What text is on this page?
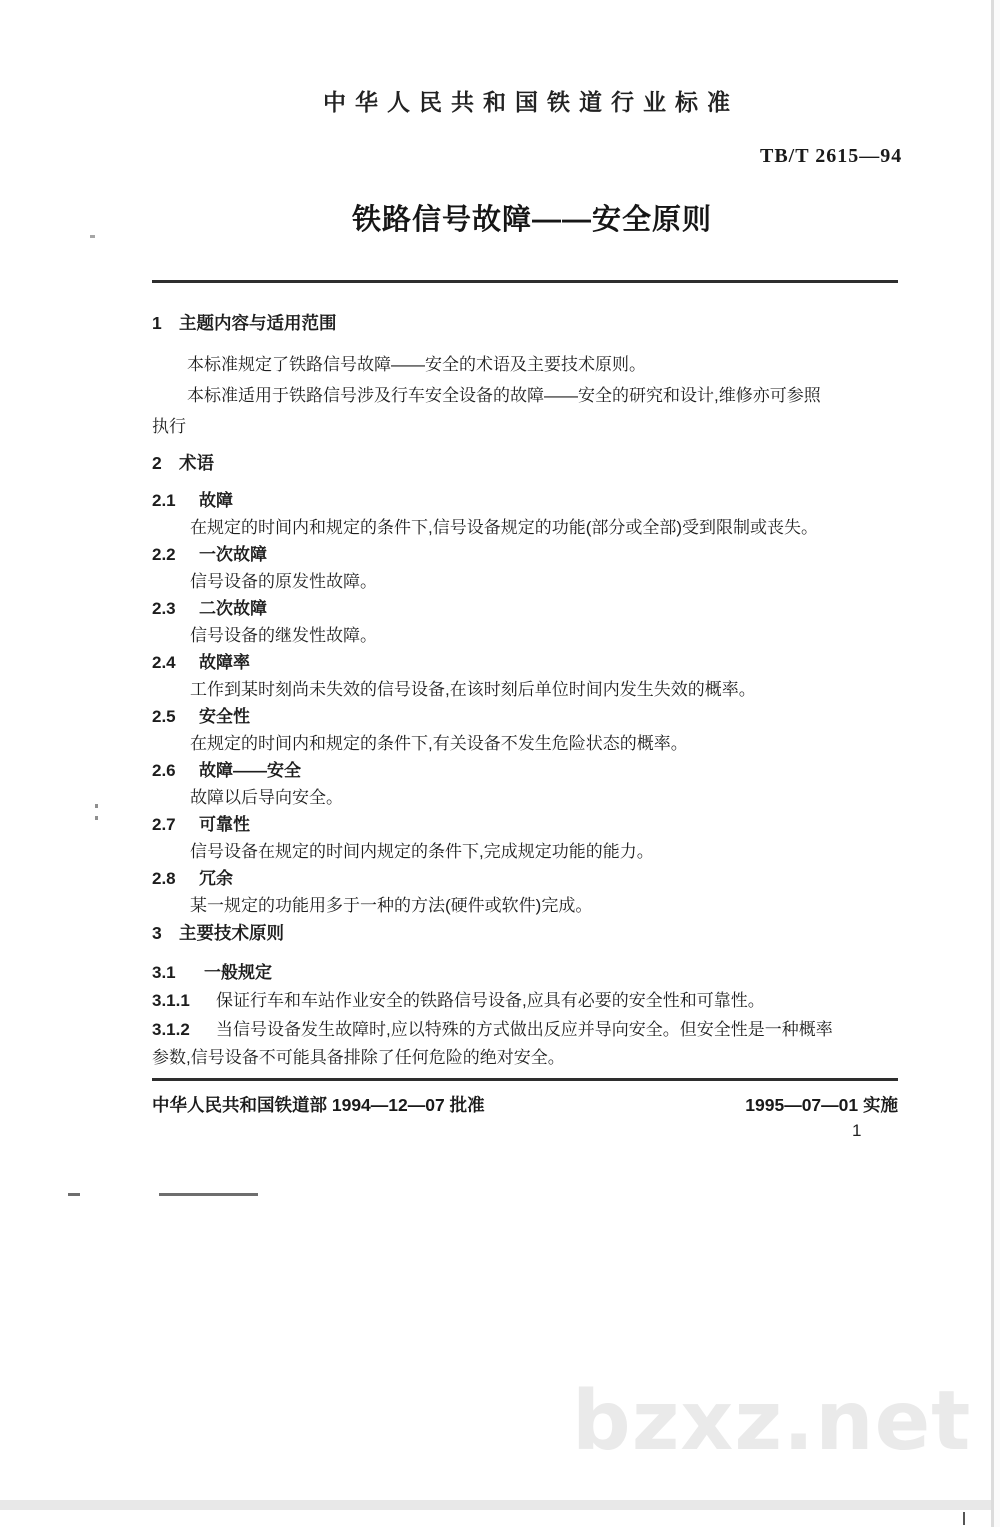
中华人民共和国铁道行业标准
TB/T 2615—94
铁路信号故障——安全原则
1 主题内容与适用范围
本标准规定了铁路信号故障——安全的术语及主要技术原则。
本标准适用于铁路信号涉及行车安全设备的故障——安全的研究和设计,维修亦可参照
执行
2 术语
2.1 故障
在规定的时间内和规定的条件下,信号设备规定的功能(部分或全部)受到限制或丧失。
2.2 一次故障
信号设备的原发性故障。
2.3 二次故障
信号设备的继发性故障。
2.4 故障率
工作到某时刻尚未失效的信号设备,在该时刻后单位时间内发生失效的概率。
2.5 安全性
在规定的时间内和规定的条件下,有关设备不发生危险状态的概率。
2.6 故障——安全
故障以后导向安全。
2.7 可靠性
信号设备在规定的时间内规定的条件下,完成规定功能的能力。
2.8 冗余
某一规定的功能用多于一种的方法(硬件或软件)完成。
3 主要技术原则
3.1 一般规定
3.1.1 保证行车和车站作业安全的铁路信号设备,应具有必要的安全性和可靠性。
3.1.2 当信号设备发生故障时,应以特殊的方式做出反应并导向安全。但安全性是一种概率
参数,信号设备不可能具备排除了任何危险的绝对安全。
中华人民共和国铁道部 1994—12—07 批准	1995—07—01 实施
1
bzxz.net
